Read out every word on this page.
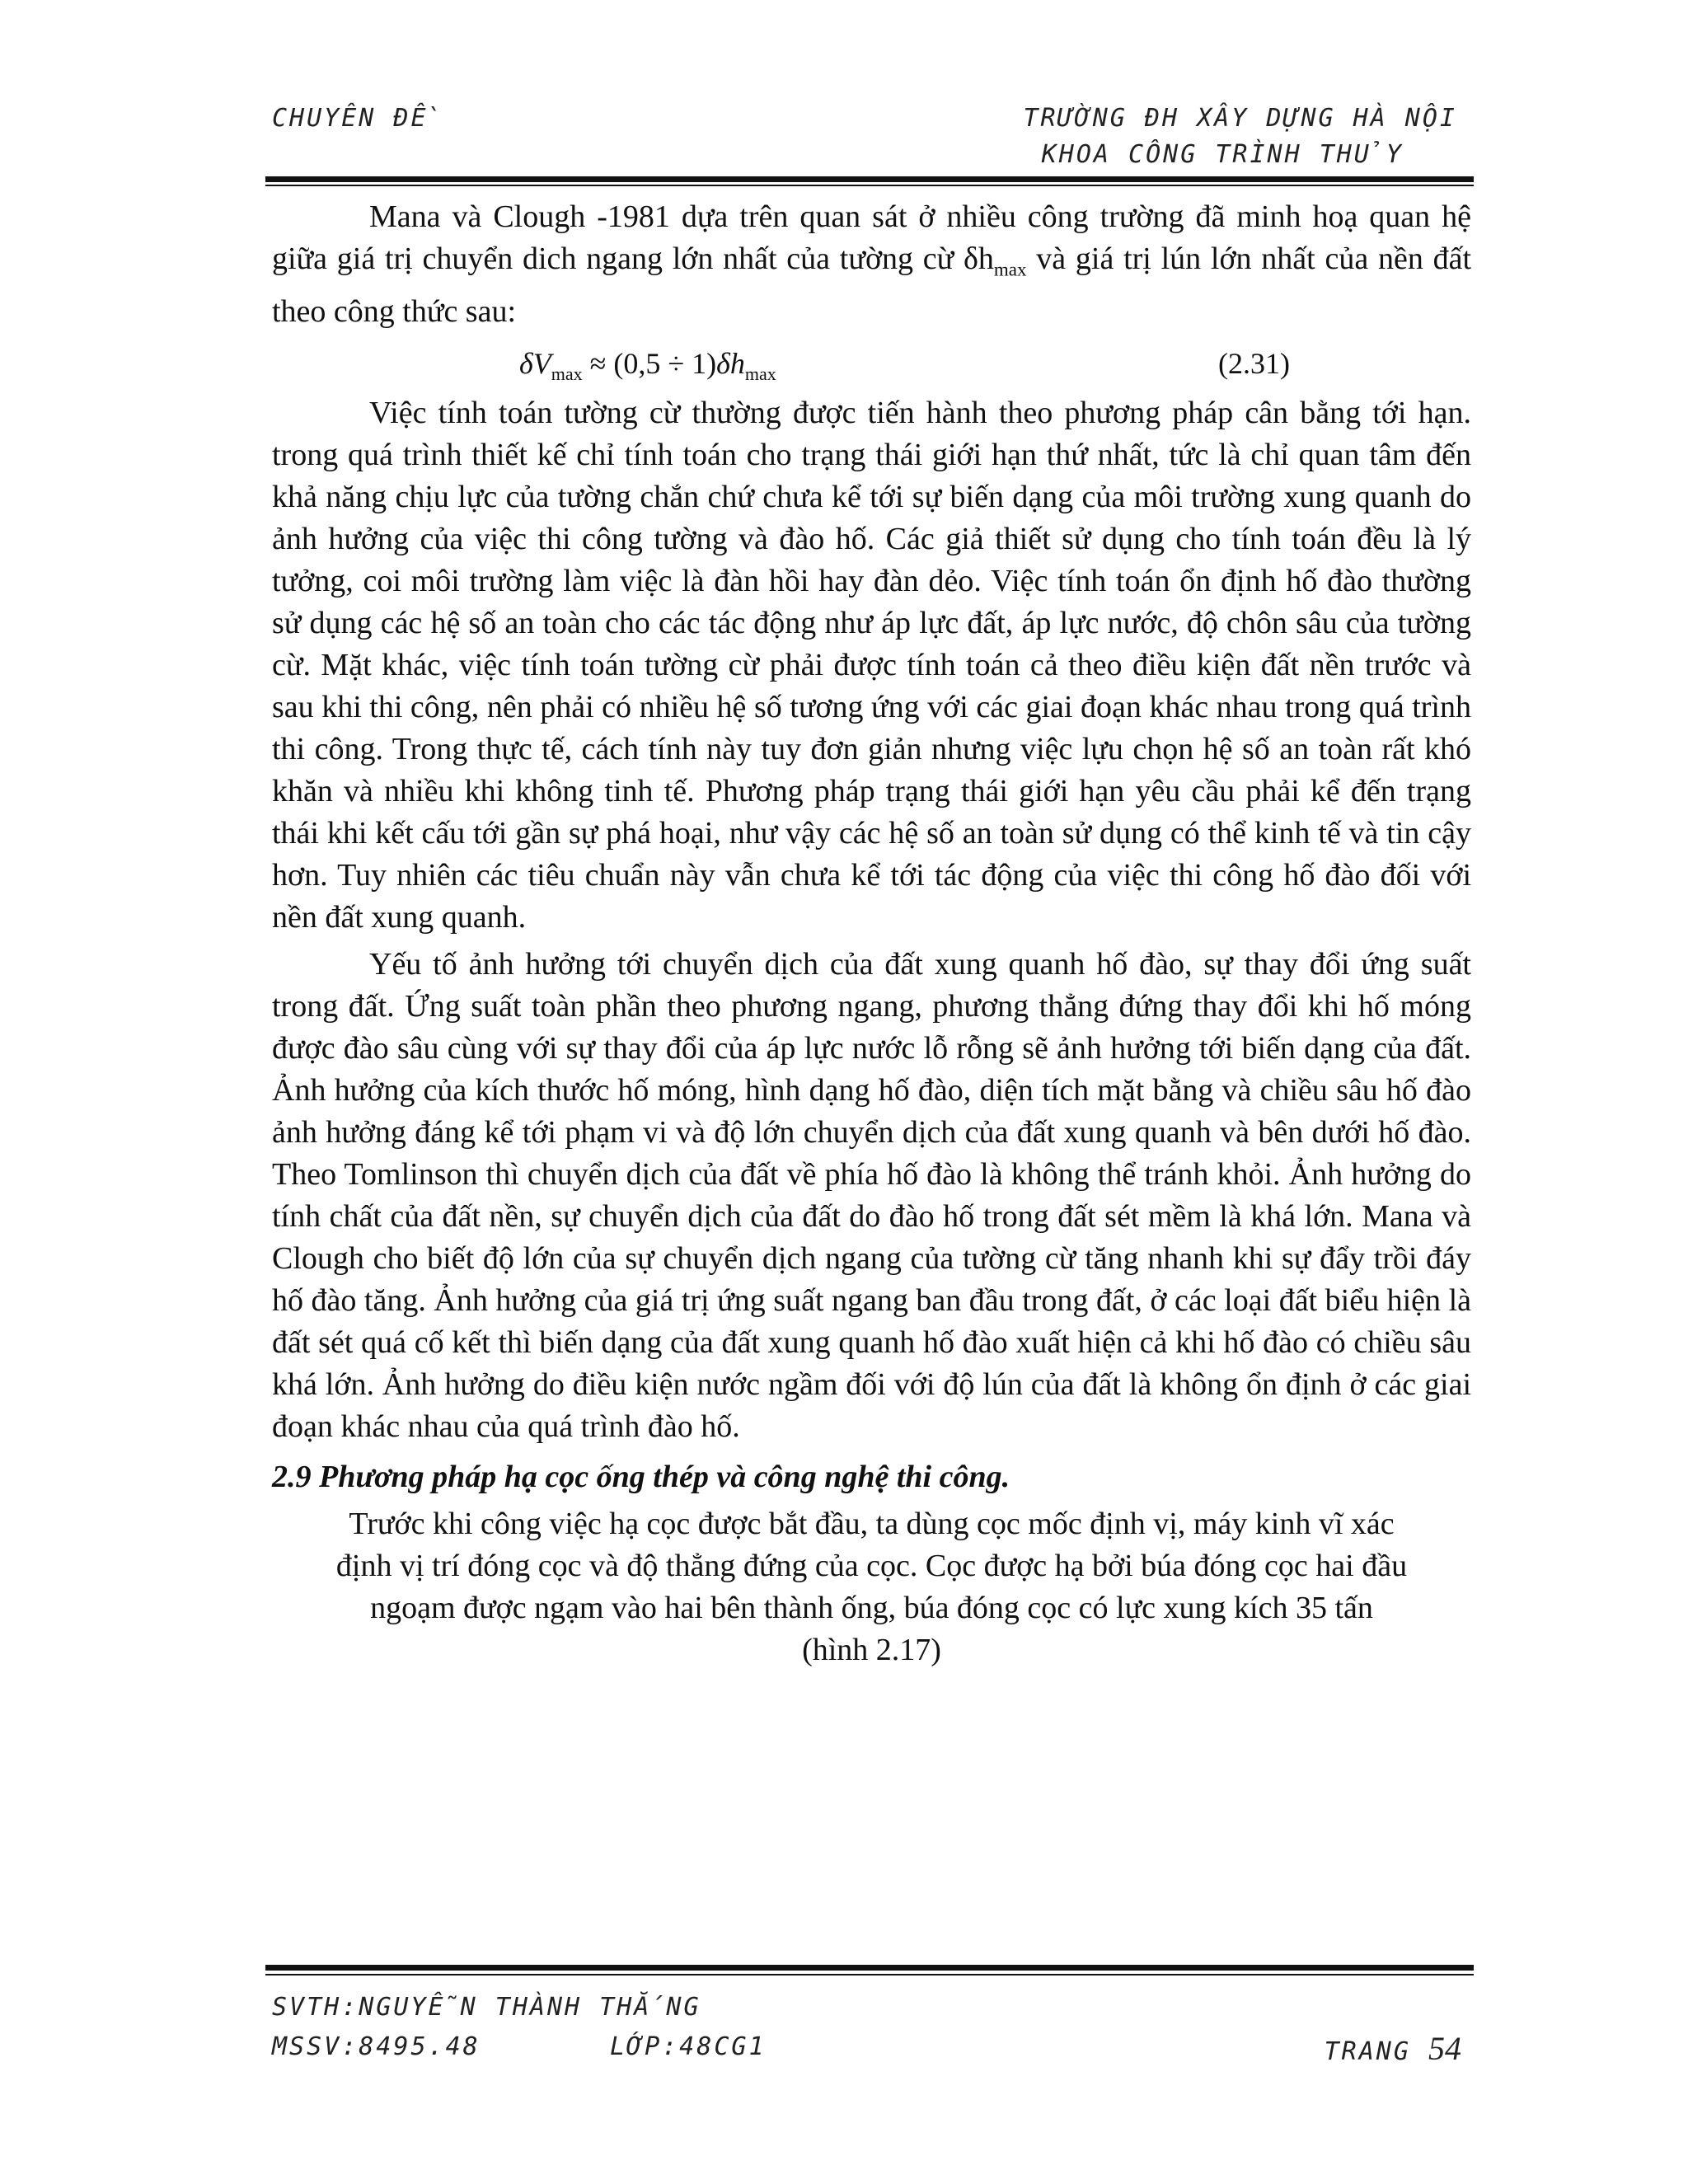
CHUYÊN ĐỀ	TRƯỜNG ĐH XÂY DỰNG HÀ NỘI
KHOA CÔNG TRÌNH THỦY

Mana và Clough -1981 dựa trên quan sát ở nhiều công trường đã minh hoạ quan hệ giữa giá trị chuyển dich ngang lớn nhất của tường cừ $\delta h_{max}$ và giá trị lún lớn nhất của nền đất theo công thức sau:

$\delta V_{max} \approx (0,5 \div 1)\delta h_{max}$	(2.31)

Việc tính toán tường cừ thường được tiến hành theo phương pháp cân bằng tới hạn. trong quá trình thiết kế chỉ tính toán cho trạng thái giới hạn thứ nhất, tức là chỉ quan tâm đến khả năng chịu lực của tường chắn chứ chưa kể tới sự biến dạng của môi trường xung quanh do ảnh hưởng của việc thi công tường và đào hố. Các giả thiết sử dụng cho tính toán đều là lý tưởng, coi môi trường làm việc là đàn hồi hay đàn dẻo. Việc tính toán ổn định hố đào thường sử dụng các hệ số an toàn cho các tác động như áp lực đất, áp lực nước, độ chôn sâu của tường cừ. Mặt khác, việc tính toán tường cừ phải được tính toán cả theo điều kiện đất nền trước và sau khi thi công, nên phải có nhiều hệ số tương ứng với các giai đoạn khác nhau trong quá trình thi công. Trong thực tế, cách tính này tuy đơn giản nhưng việc lựu chọn hệ số an toàn rất khó khăn và nhiều khi không tinh tế. Phương pháp trạng thái giới hạn yêu cầu phải kể đến trạng thái khi kết cấu tới gần sự phá hoại, như vậy các hệ số an toàn sử dụng có thể kinh tế và tin cậy hơn. Tuy nhiên các tiêu chuẩn này vẫn chưa kể tới tác động của việc thi công hố đào đối với nền đất xung quanh.

Yếu tố ảnh hưởng tới chuyển dịch của đất xung quanh hố đào, sự thay đổi ứng suất trong đất. Ứng suất toàn phần theo phương ngang, phương thẳng đứng thay đổi khi hố móng được đào sâu cùng với sự thay đổi của áp lực nước lỗ rỗng sẽ ảnh hưởng tới biến dạng của đất. Ảnh hưởng của kích thước hố móng, hình dạng hố đào, diện tích mặt bằng và chiều sâu hố đào ảnh hưởng đáng kể tới phạm vi và độ lớn chuyển dịch của đất xung quanh và bên dưới hố đào. Theo Tomlinson thì chuyển dịch của đất về phía hố đào là không thể tránh khỏi. Ảnh hưởng do tính chất của đất nền, sự chuyển dịch của đất do đào hố trong đất sét mềm là khá lớn. Mana và Clough cho biết độ lớn của sự chuyển dịch ngang của tường cừ tăng nhanh khi sự đẩy trồi đáy hố đào tăng. Ảnh hưởng của giá trị ứng suất ngang ban đầu trong đất, ở các loại đất biểu hiện là đất sét quá cố kết thì biến dạng của đất xung quanh hố đào xuất hiện cả khi hố đào có chiều sâu khá lớn. Ảnh hưởng do điều kiện nước ngầm đối với độ lún của đất là không ổn định ở các giai đoạn khác nhau của quá trình đào hố.

2.9 Phương pháp hạ cọc ống thép và công nghệ thi công.

Trước khi công việc hạ cọc được bắt đầu, ta dùng cọc mốc định vị, máy kinh vĩ xác

định vị trí đóng cọc và độ thẳng đứng của cọc. Cọc được hạ bởi búa đóng cọc hai đầu

ngoạm được ngạm vào hai bên thành ống, búa đóng cọc có lực xung kích 35 tấn

(hình 2.17)

SVTH:NGUYỄN THÀNH THẮNG
MSSV:8495.48	LỚP:48CG1	TRANG 54
